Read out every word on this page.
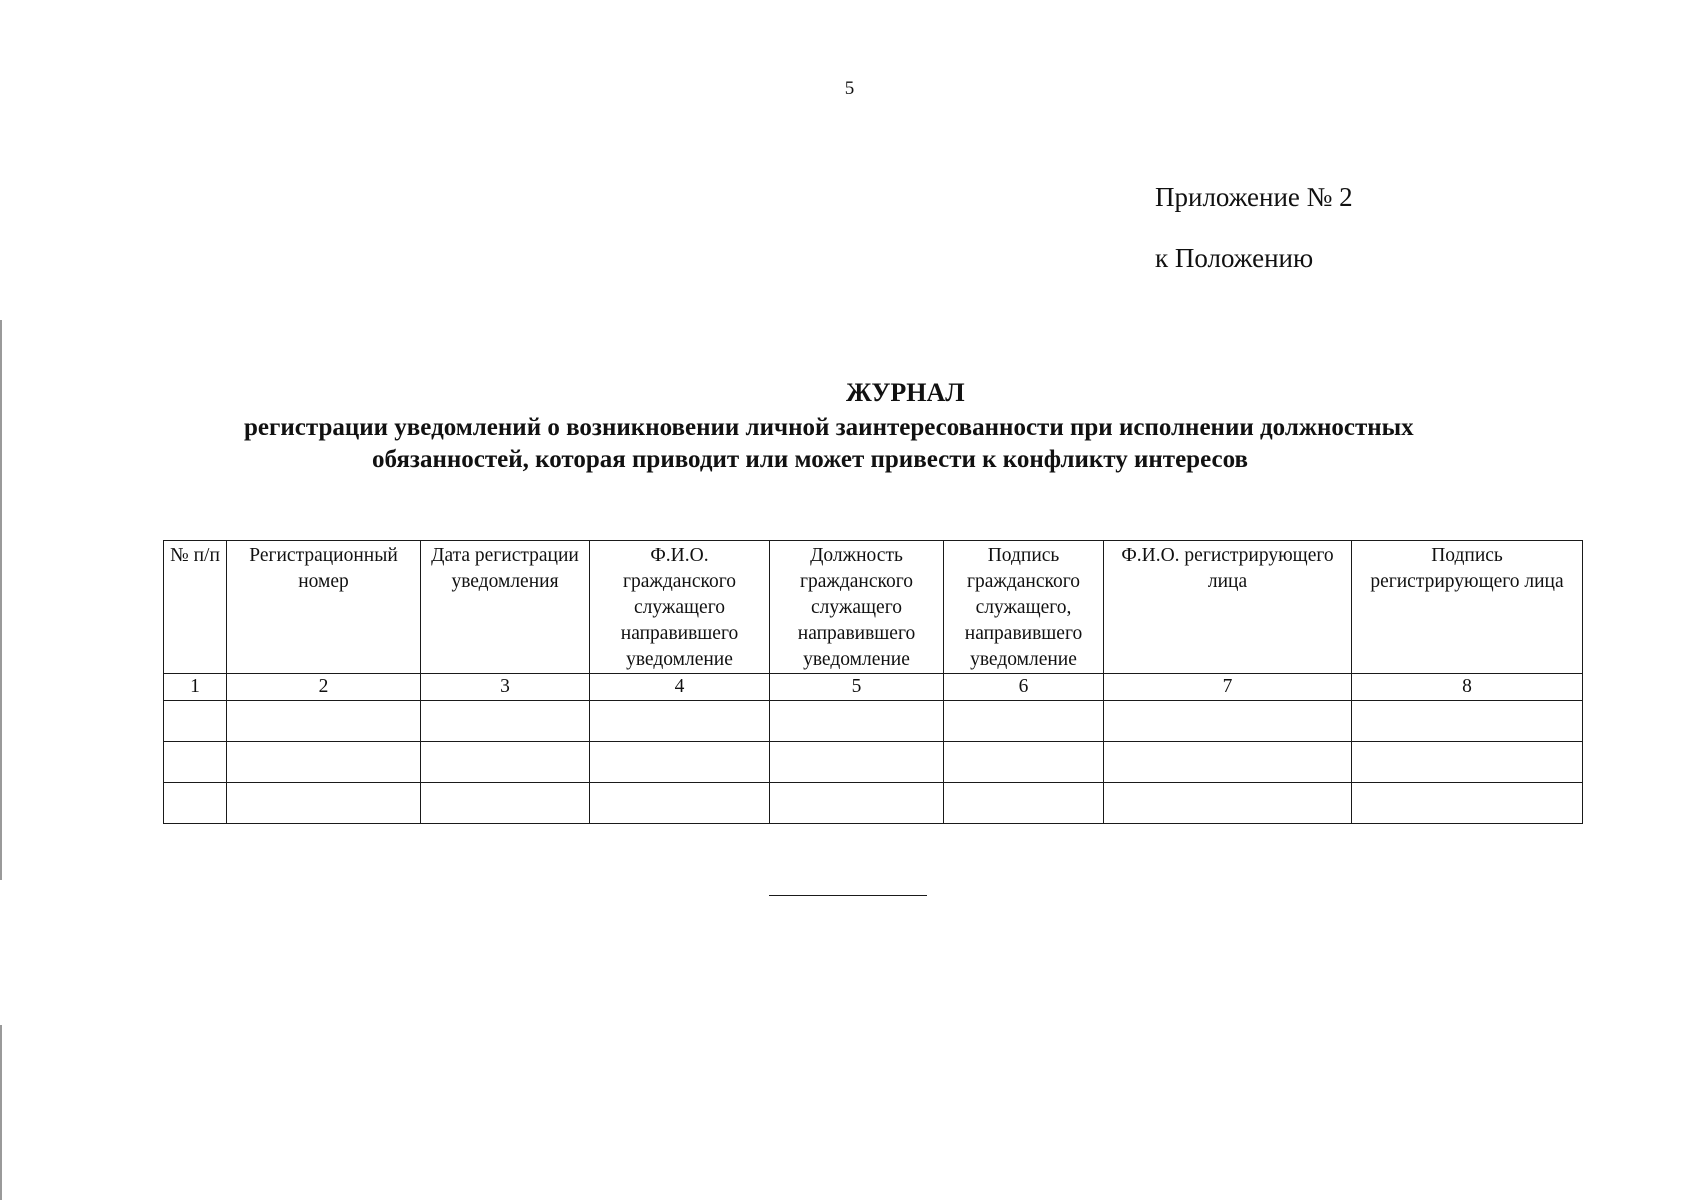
5
Приложение № 2
к Положению
ЖУРНАЛ
регистрации уведомлений о возникновении личной заинтересованности при исполнении должностных
обязанностей, которая приводит или может привести к конфликту интересов
№ п/п	Регистрационный номер	Дата регистрации уведомления	Ф.И.О. гражданского служащего направившего уведомление	Должность гражданского служащего направившего уведомление	Подпись гражданского служащего, направившего уведомление	Ф.И.О. регистрирующего лица	Подпись регистрирующего лица
1	2	3	4	5	6	7	8
